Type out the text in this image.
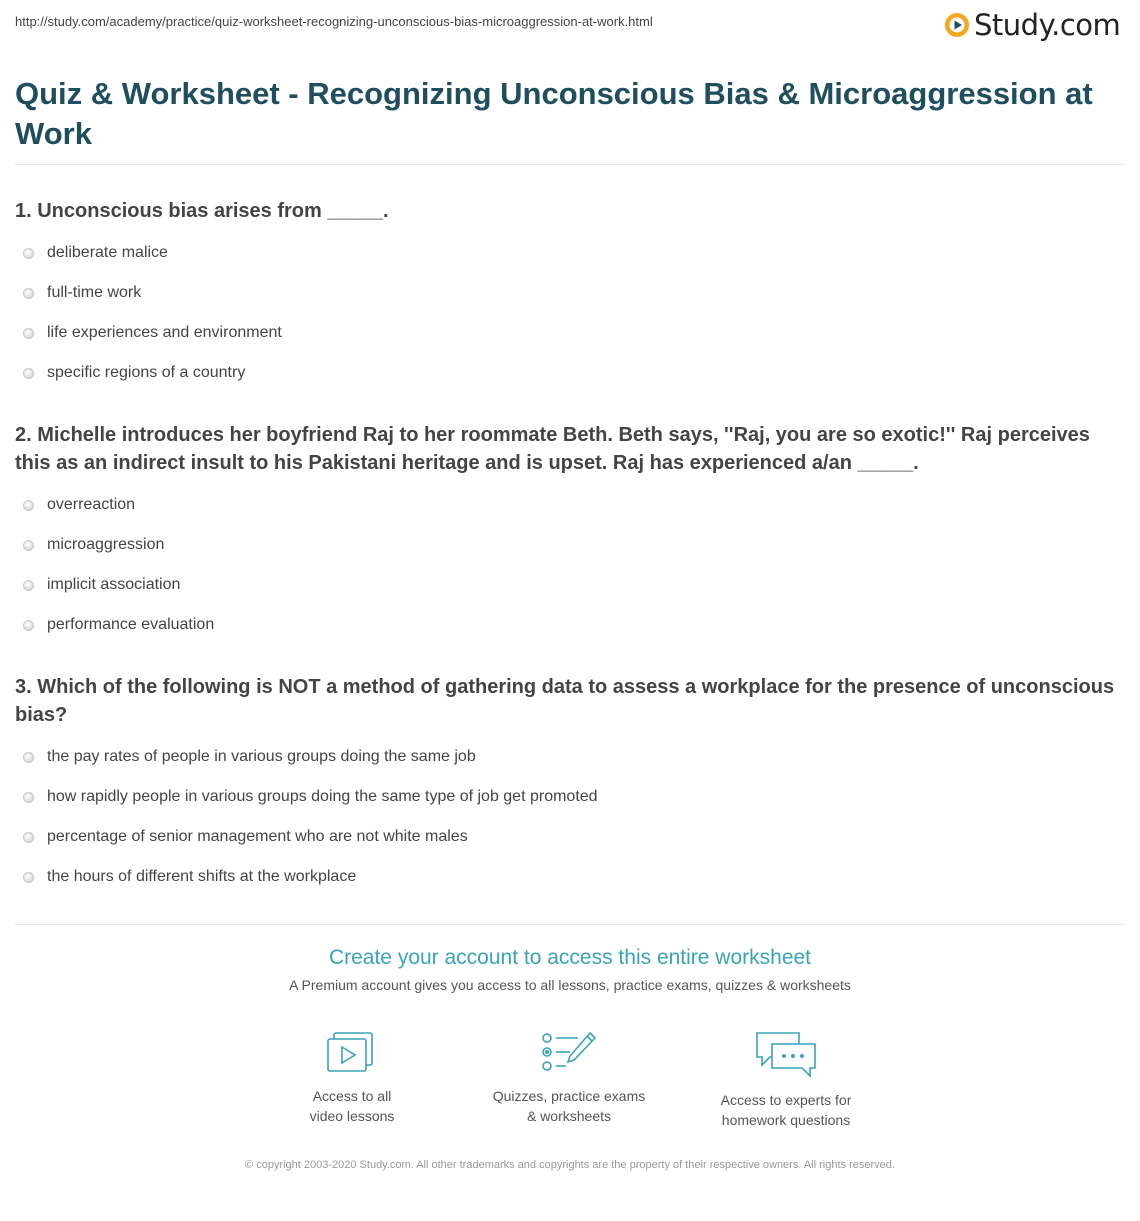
http://study.com/academy/practice/quiz-worksheet-recognizing-unconscious-bias-microaggression-at-work.html	Study.com
Quiz & Worksheet - Recognizing Unconscious Bias & Microaggression at Work

1. Unconscious bias arises from _____.

deliberate malice
full-time work
life experiences and environment
specific regions of a country

2. Michelle introduces her boyfriend Raj to her roommate Beth. Beth says, ''Raj, you are so exotic!'' Raj perceives this as an indirect insult to his Pakistani heritage and is upset. Raj has experienced a/an _____.

overreaction
microaggression
implicit association
performance evaluation

3. Which of the following is NOT a method of gathering data to assess a workplace for the presence of unconscious bias?

the pay rates of people in various groups doing the same job
how rapidly people in various groups doing the same type of job get promoted
percentage of senior management who are not white males
the hours of different shifts at the workplace
Create your account to access this entire worksheet
A Premium account gives you access to all lessons, practice exams, quizzes & worksheets
Access to all
video lessons
Quizzes, practice exams
& worksheets
Access to experts for
homework questions
© copyright 2003-2020 Study.com. All other trademarks and copyrights are the property of their respective owners. All rights reserved.
